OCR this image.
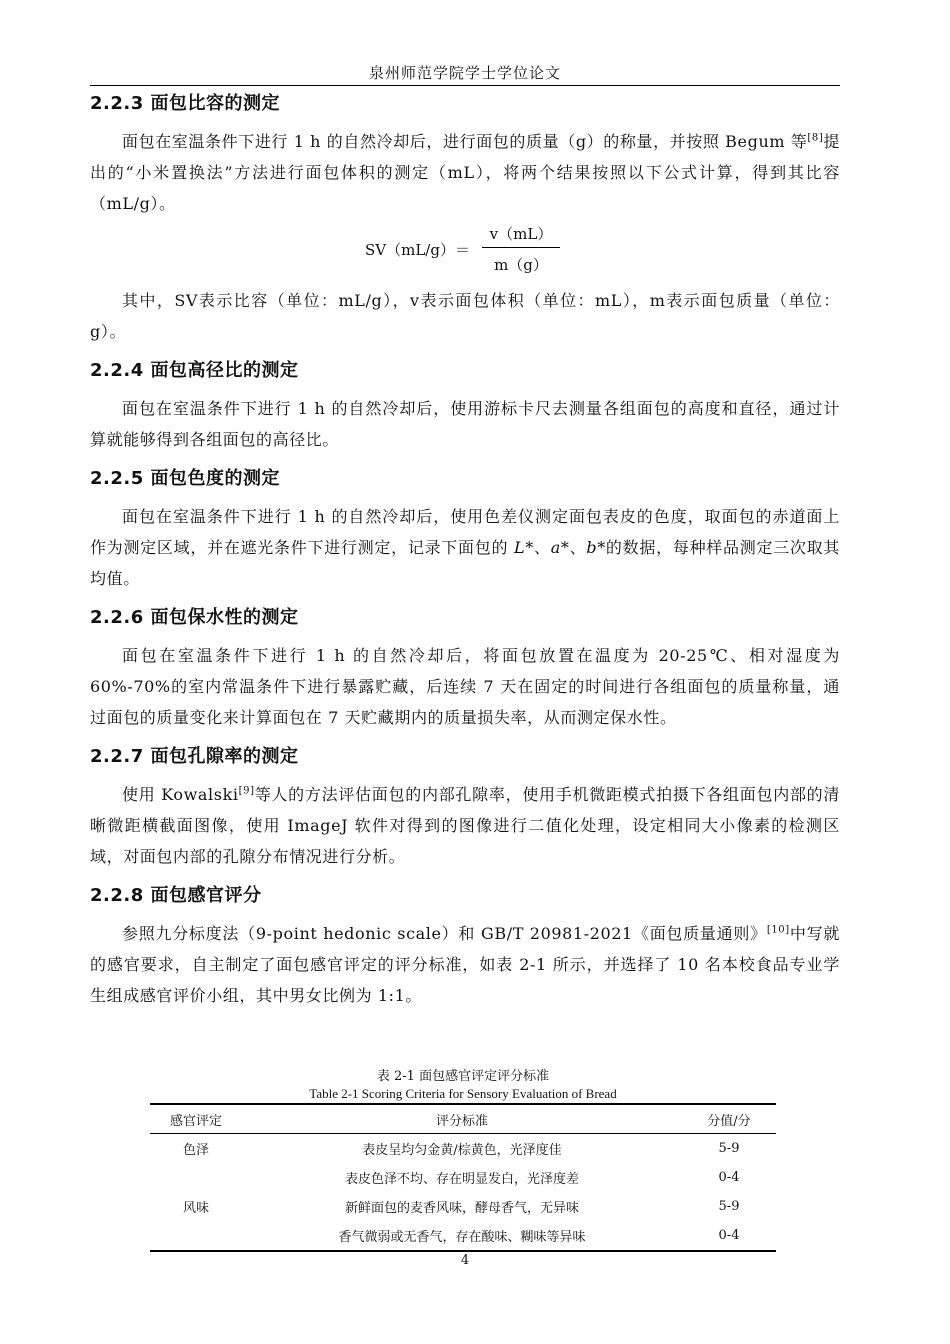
泉州师范学院学士学位论文
2.2.3 面包比容的测定

面包在室温条件下进行 1 h 的自然冷却后，进行面包的质量（g）的称量，并按照 Begum 等[8]提出的“小米置换法”方法进行面包体积的测定（mL），将两个结果按照以下公式计算，得到其比容（mL/g）。

$SV(mL/g)= \frac{v(mL)}{m(g)}$

其中，SV表示比容（单位：mL/g），v表示面包体积（单位：mL），m表示面包质量（单位：g）。

2.2.4 面包高径比的测定

面包在室温条件下进行 1 h 的自然冷却后，使用游标卡尺去测量各组面包的高度和直径，通过计算就能够得到各组面包的高径比。

2.2.5 面包色度的测定

面包在室温条件下进行 1 h 的自然冷却后，使用色差仪测定面包表皮的色度，取面包的赤道面上作为测定区域，并在遮光条件下进行测定，记录下面包的 L*、a*、b*的数据，每种样品测定三次取其均值。

2.2.6 面包保水性的测定

面包在室温条件下进行 1 h 的自然冷却后，将面包放置在温度为 20-25℃、相对湿度为 60%-70%的室内常温条件下进行暴露贮藏，后连续 7 天在固定的时间进行各组面包的质量称量，通过面包的质量变化来计算面包在 7 天贮藏期内的质量损失率，从而测定保水性。

2.2.7 面包孔隙率的测定

使用 Kowalski[9]等人的方法评估面包的内部孔隙率，使用手机微距模式拍摄下各组面包内部的清晰微距横截面图像，使用 ImageJ 软件对得到的图像进行二值化处理，设定相同大小像素的检测区域，对面包内部的孔隙分布情况进行分析。

2.2.8 面包感官评分

参照九分标度法（9-point hedonic scale）和 GB/T 20981-2021《面包质量通则》[10]中写就的感官要求，自主制定了面包感官评定的评分标准，如表 2-1 所示，并选择了 10 名本校食品专业学生组成感官评价小组，其中男女比例为 1:1。

表 2-1 面包感官评定评分标准
Table 2-1 Scoring Criteria for Sensory Evaluation of Bread
感官评定	评分标准	分值/分
色泽	表皮呈均匀金黄/棕黄色，光泽度佳	5-9
	表皮色泽不均、存在明显发白，光泽度差	0-4
风味	新鲜面包的麦香风味，酵母香气，无异味	5-9
	香气微弱或无香气，存在酸味、糊味等异味	0-4
4
